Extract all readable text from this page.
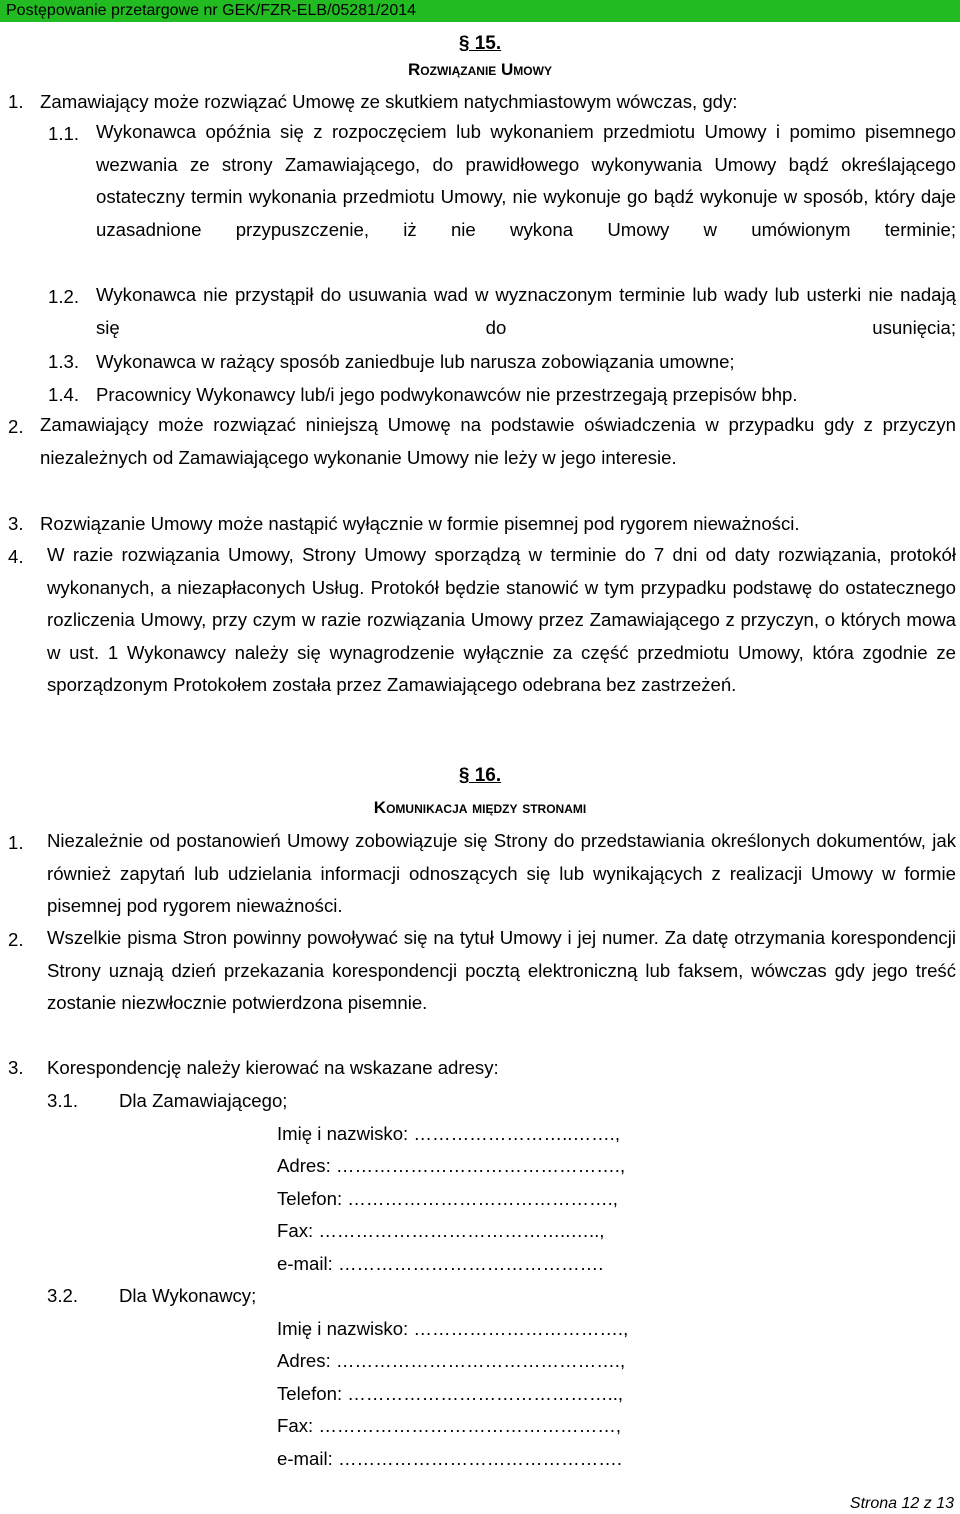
Postępowanie przetargowe nr GEK/FZR-ELB/05281/2014
§ 15.
Rozwiązanie Umowy
1. Zamawiający może rozwiązać Umowę ze skutkiem natychmiastowym wówczas, gdy:
1.1. Wykonawca opóźnia się z rozpoczęciem lub wykonaniem przedmiotu Umowy i pomimo pisemnego wezwania ze strony Zamawiającego, do prawidłowego wykonywania Umowy bądź określającego ostateczny termin wykonania przedmiotu Umowy, nie wykonuje go bądź wykonuje w sposób, który daje uzasadnione przypuszczenie, iż nie wykona Umowy w umówionym terminie;
1.2. Wykonawca nie przystąpił do usuwania wad w wyznaczonym terminie lub wady lub usterki nie nadają się do usunięcia;
1.3. Wykonawca w rażący sposób zaniedbuje lub narusza zobowiązania umowne;
1.4. Pracownicy Wykonawcy lub/i jego podwykonawców nie przestrzegają przepisów bhp.
2. Zamawiający może rozwiązać niniejszą Umowę na podstawie oświadczenia w przypadku gdy z przyczyn niezależnych od Zamawiającego wykonanie Umowy nie leży w jego interesie.
3. Rozwiązanie Umowy może nastąpić wyłącznie w formie pisemnej pod rygorem nieważności.
4. W razie rozwiązania Umowy, Strony Umowy sporządzą w terminie do 7 dni od daty rozwiązania, protokół wykonanych, a niezapłaconych Usług. Protokół będzie stanowić w tym przypadku podstawę do ostatecznego rozliczenia Umowy, przy czym w razie rozwiązania Umowy przez Zamawiającego z przyczyn, o których mowa w ust. 1 Wykonawcy należy się wynagrodzenie wyłącznie za część przedmiotu Umowy, która zgodnie ze sporządzonym Protokołem została przez Zamawiającego odebrana bez zastrzeżeń.
§ 16.
Komunikacja między stronami
1. Niezależnie od postanowień Umowy zobowiązuje się Strony do przedstawiania określonych dokumentów, jak również zapytań lub udzielania informacji odnoszących się lub wynikających z realizacji Umowy w formie pisemnej pod rygorem nieważności.
2. Wszelkie pisma Stron powinny powoływać się na tytuł Umowy i jej numer. Za datę otrzymania korespondencji Strony uznają dzień przekazania korespondencji pocztą elektroniczną lub faksem, wówczas gdy jego treść zostanie niezwłocznie potwierdzona pisemnie.
3. Korespondencję należy kierować na wskazane adresy:
3.1. Dla Zamawiającego;
Imię i nazwisko: ……………………..…….,
Adres: ……………………………………….,
Telefon: …………………………………….,
Fax: …………………………………..…..,
e-mail: …………………………………….
3.2. Dla Wykonawcy;
Imię i nazwisko: …………………………….,
Adres: ……………………………………….,
Telefon: ……………………………………..,
Fax: …………………………………………,
e-mail: ……………………………………….
Strona 12 z 13
